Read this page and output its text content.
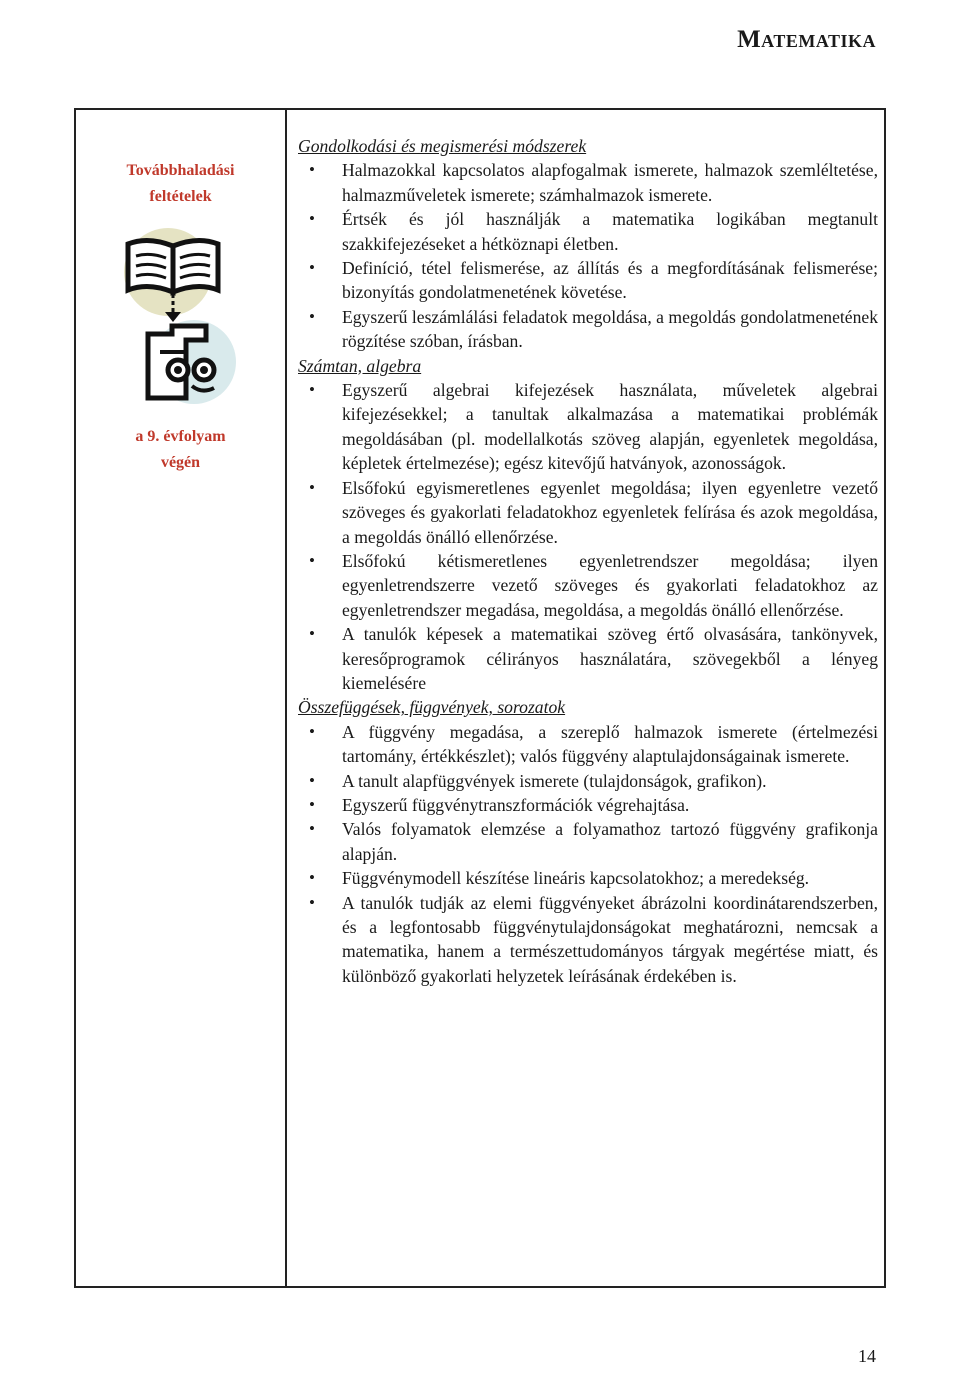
Matematika
Továbbhaladási
feltételek
a 9. évfolyam
végén

Gondolkodási és megismerési módszerek

• Halmazokkal kapcsolatos alapfogalmak ismerete, halmazok szemléltetése, halmazműveletek ismerete; számhalmazok ismerete.
• Értsék és jól használják a matematika logikában megtanult szakkifejezéseket a hétköznapi életben.
• Definíció, tétel felismerése, az állítás és a megfordításának felismerése; bizonyítás gondolatmenetének követése.
• Egyszerű leszámlálási feladatok megoldása, a megoldás gondolatmenetének rögzítése szóban, írásban.

Számtan, algebra

• Egyszerű algebrai kifejezések használata, műveletek algebrai kifejezésekkel; a tanultak alkalmazása a matematikai problémák megoldásában (pl. modellalkotás szöveg alapján, egyenletek megoldása, képletek értelmezése); egész kitevőjű hatványok, azonosságok.
• Elsőfokú egyismeretlenes egyenlet megoldása; ilyen egyenletre vezető szöveges és gyakorlati feladatokhoz egyenletek felírása és azok megoldása, a megoldás önálló ellenőrzése.
• Elsőfokú kétismeretlenes egyenletrendszer megoldása; ilyen egyenletrendszerre vezető szöveges és gyakorlati feladatokhoz az egyenletrendszer megadása, megoldása, a megoldás önálló ellenőrzése.
• A tanulók képesek a matematikai szöveg értő olvasására, tankönyvek, keresőprogramok célirányos használatára, szövegekből a lényeg kiemelésére

Összefüggések, függvények, sorozatok

• A függvény megadása, a szereplő halmazok ismerete (értelmezési tartomány, értékkészlet); valós függvény alaptulajdonságainak ismerete.
• A tanult alapfüggvények ismerete (tulajdonságok, grafikon).
• Egyszerű függvénytranszformációk végrehajtása.
• Valós folyamatok elemzése a folyamathoz tartozó függvény grafikonja alapján.
• Függvénymodell készítése lineáris kapcsolatokhoz; a meredekség.
• A tanulók tudják az elemi függvényeket ábrázolni koordinátarendszerben, és a legfontosabb függvénytulajdonságokat meghatározni, nemcsak a matematika, hanem a természettudományos tárgyak megértése miatt, és különböző gyakorlati helyzetek leírásának érdekében is.
14
